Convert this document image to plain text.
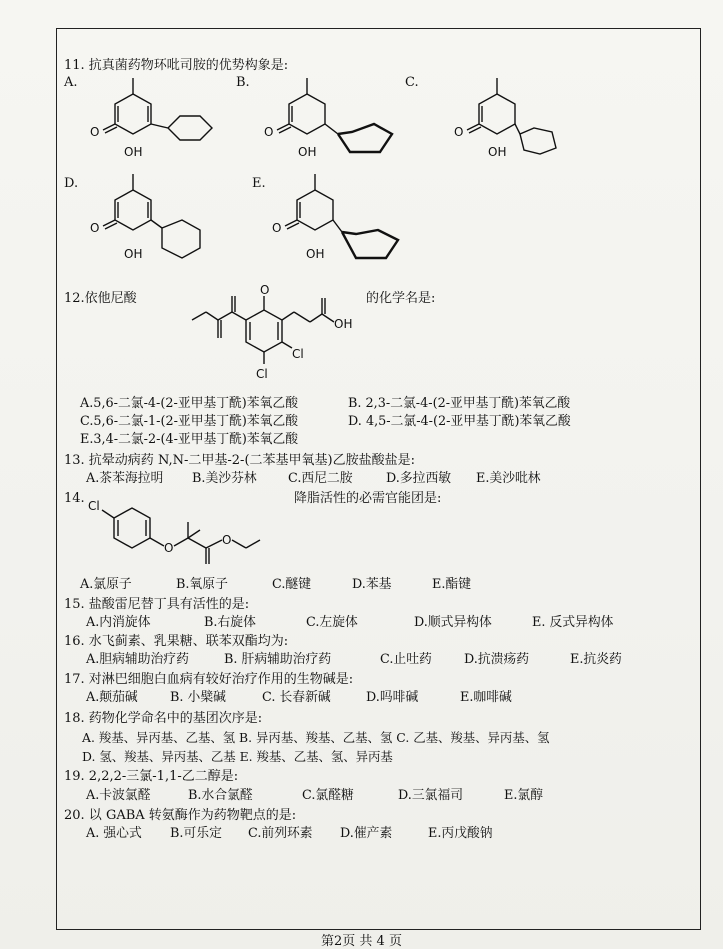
11. 抗真菌药物环吡司胺的优势构象是:
A.	B.	C.
D.	E.
O
OH
O
OH
O
OH
O
OH
O
OH
12.依他尼酸	的化学名是:
O
OH
Cl
Cl
A.5,6-二氯-4-(2-亚甲基丁酰)苯氧乙酸	B. 2,3-二氯-4-(2-亚甲基丁酰)苯氧乙酸
C.5,6-二氯-1-(2-亚甲基丁酰)苯氧乙酸	D. 4,5-二氯-4-(2-亚甲基丁酰)苯氧乙酸
E.3,4-二氯-2-(4-亚甲基丁酰)苯氧乙酸
13. 抗晕动病药 N,N-二甲基-2-(二苯基甲氧基)乙胺盐酸盐是:
A.茶苯海拉明 B.美沙芬林 C.西尼二胺	D.多拉西敏 E.美沙吡林
14.	降脂活性的必需官能团是:
Cl
O
O
A.氯原子	B.氧原子	C.醚键	D.苯基	E.酯键
15. 盐酸雷尼替丁具有活性的是:
A.内消旋体	B.右旋体	C.左旋体	D.顺式异构体	E. 反式异构体
16. 水飞蓟素、乳果糖、联苯双酯均为:
A.胆病辅助治疗药	B. 肝病辅助治疗药	C.止吐药	D.抗溃疡药	E.抗炎药
17. 对淋巴细胞白血病有较好治疗作用的生物碱是:
A.颠茄碱	B. 小檗碱	C. 长春新碱	D.吗啡碱	E.咖啡碱
18. 药物化学命名中的基团次序是:
A. 羧基、异丙基、乙基、氢 B. 异丙基、羧基、乙基、氢 C. 乙基、羧基、异丙基、氢
D. 氢、羧基、异丙基、乙基 E. 羧基、乙基、氢、异丙基
19. 2,2,2-三氯-1,1-乙二醇是:
A.卡波氯醛	B.水合氯醛	C.氯醛糖	D.三氯福司	E.氯醇
20. 以 GABA 转氨酶作为药物靶点的是:
A. 强心式 B.可乐定 C.前列环素 D.催产素	E.丙戊酸钠
第2页 共 4 页
